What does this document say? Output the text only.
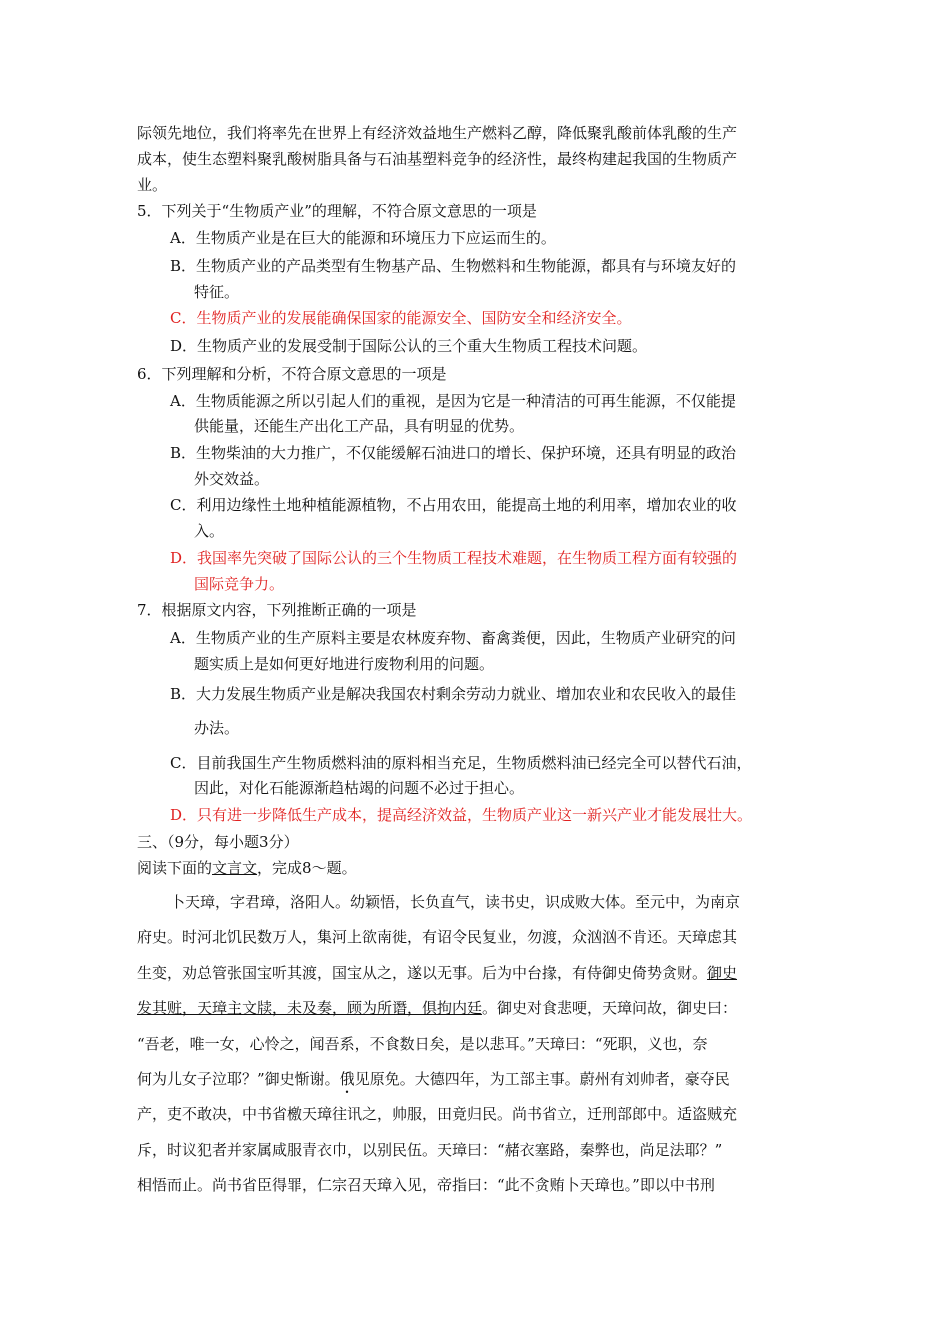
际领先地位，我们将率先在世界上有经济效益地生产燃料乙醇，降低聚乳酸前体乳酸的生产
成本，使生态塑料聚乳酸树脂具备与石油基塑料竞争的经济性，最终构建起我国的生物质产
业。
5．下列关于“生物质产业”的理解，不符合原文意思的一项是
A．生物质产业是在巨大的能源和环境压力下应运而生的。
B．生物质产业的产品类型有生物基产品、生物燃料和生物能源，都具有与环境友好的
特征。
C．生物质产业的发展能确保国家的能源安全、国防安全和经济安全。
D．生物质产业的发展受制于国际公认的三个重大生物质工程技术问题。
6．下列理解和分析，不符合原文意思的一项是
A．生物质能源之所以引起人们的重视，是因为它是一种清洁的可再生能源，不仅能提
供能量，还能生产出化工产品，具有明显的优势。
B．生物柴油的大力推广，不仅能缓解石油进口的增长、保护环境，还具有明显的政治
外交效益。
C．利用边缘性土地种植能源植物，不占用农田，能提高土地的利用率，增加农业的收
入。
D．我国率先突破了国际公认的三个生物质工程技术难题，在生物质工程方面有较强的
国际竞争力。
7．根据原文内容，下列推断正确的一项是
A．生物质产业的生产原料主要是农林废弃物、畜禽粪便，因此，生物质产业研究的问
题实质上是如何更好地进行废物利用的问题。
B．大力发展生物质产业是解决我国农村剩余劳动力就业、增加农业和农民收入的最佳
办法。
C．目前我国生产生物质燃料油的原料相当充足，生物质燃料油已经完全可以替代石油，
因此，对化石能源渐趋枯竭的问题不必过于担心。
D．只有进一步降低生产成本，提高经济效益，生物质产业这一新兴产业才能发展壮大。
三、（9分，每小题3分）
阅读下面的文言文，完成8～题。
卜天璋，字君璋，洛阳人。幼颖悟，长负直气，读书史，识成败大体。至元中，为南京
府史。时河北饥民数万人，集河上欲南徙，有诏令民复业，勿渡，众汹汹不肯还。天璋虑其
生变，劝总管张国宝听其渡，国宝从之，遂以无事。后为中台掾，有侍御史倚势贪财。御史
发其赃，天璋主文牍，未及奏，顾为所谮，俱拘内廷。御史对食悲哽，天璋问故，御史曰：
“吾老，唯一女，心怜之，闻吾系，不食数日矣，是以悲耳。”天璋曰：“死职，义也，奈
何为儿女子泣耶？”御史惭谢。俄见原免。大德四年，为工部主事。蔚州有刘帅者，豪夺民
产，吏不敢决，中书省檄天璋往讯之，帅服，田竟归民。尚书省立，迁刑部郎中。适盗贼充
斥，时议犯者并家属咸服青衣巾，以别民伍。天璋曰：“赭衣塞路，秦弊也，尚足法耶？”
相悟而止。尚书省臣得罪，仁宗召天璋入见，帝指曰：“此不贪贿卜天璋也。”即以中书刑
